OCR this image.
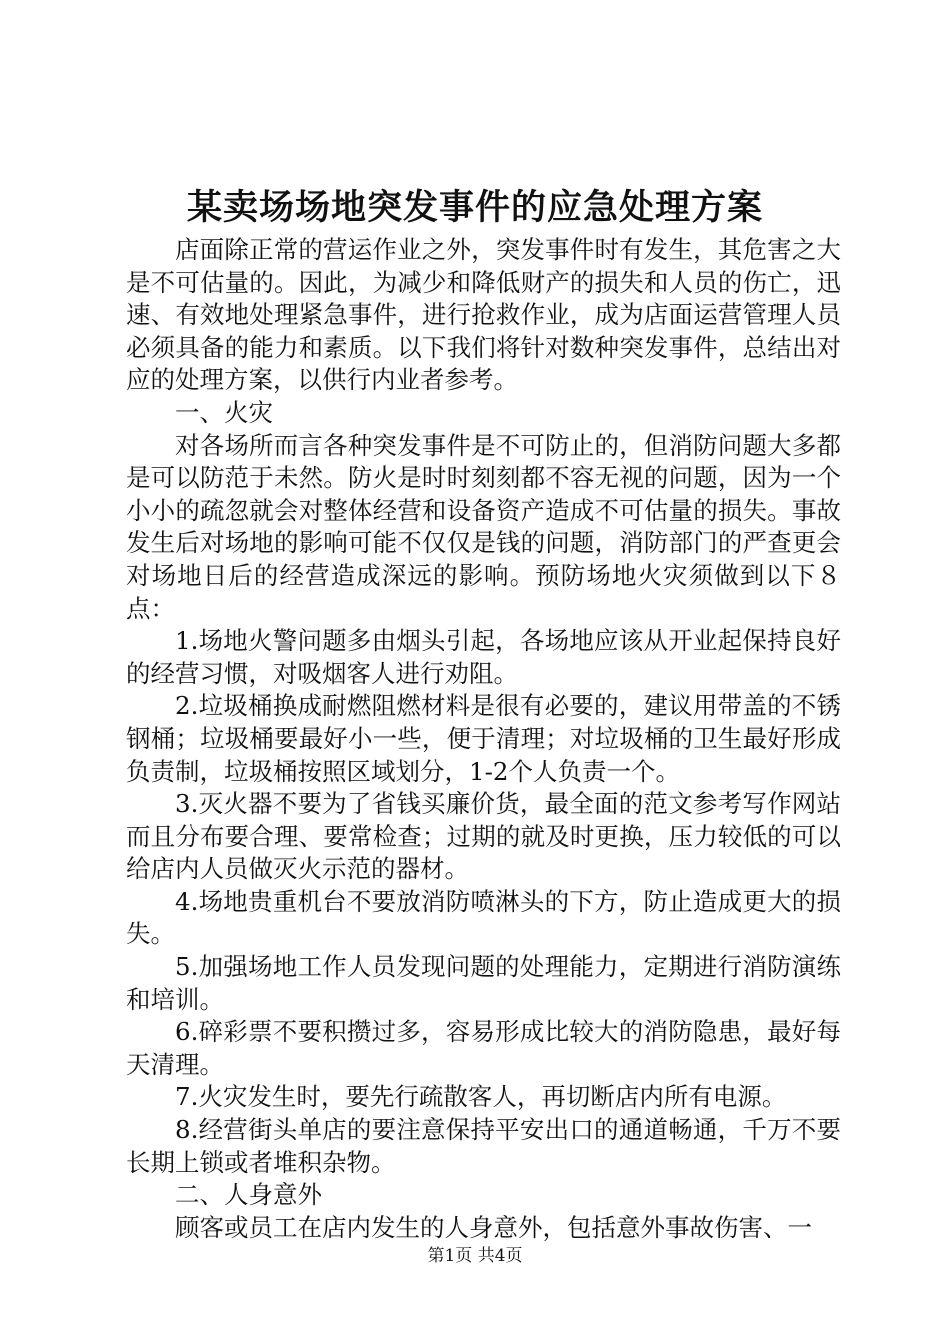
某卖场场地突发事件的应急处理方案

店面除正常的营运作业之外，突发事件时有发生，其危害之大是不可估量的。因此，为减少和降低财产的损失和人员的伤亡，迅速、有效地处理紧急事件，进行抢救作业，成为店面运营管理人员必须具备的能力和素质。以下我们将针对数种突发事件，总结出对应的处理方案，以供行内业者参考。

一、火灾

对各场所而言各种突发事件是不可防止的，但消防问题大多都是可以防范于未然。防火是时时刻刻都不容无视的问题，因为一个小小的疏忽就会对整体经营和设备资产造成不可估量的损失。事故发生后对场地的影响可能不仅仅是钱的问题，消防部门的严查更会对场地日后的经营造成深远的影响。预防场地火灾须做到以下８点：

1.场地火警问题多由烟头引起，各场地应该从开业起保持良好的经营习惯，对吸烟客人进行劝阻。

2.垃圾桶换成耐燃阻燃材料是很有必要的，建议用带盖的不锈钢桶；垃圾桶要最好小一些，便于清理；对垃圾桶的卫生最好形成负责制，垃圾桶按照区域划分，1-2个人负责一个。

3.灭火器不要为了省钱买廉价货，最全面的范文参考写作网站而且分布要合理、要常检查；过期的就及时更换，压力较低的可以给店内人员做灭火示范的器材。

4.场地贵重机台不要放消防喷淋头的下方，防止造成更大的损失。

5.加强场地工作人员发现问题的处理能力，定期进行消防演练和培训。

6.碎彩票不要积攒过多，容易形成比较大的消防隐患，最好每天清理。

7.火灾发生时，要先行疏散客人，再切断店内所有电源。

8.经营街头单店的要注意保持平安出口的通道畅通，千万不要长期上锁或者堆积杂物。

二、人身意外

顾客或员工在店内发生的人身意外，包括意外事故伤害、一

第1页 共4页
